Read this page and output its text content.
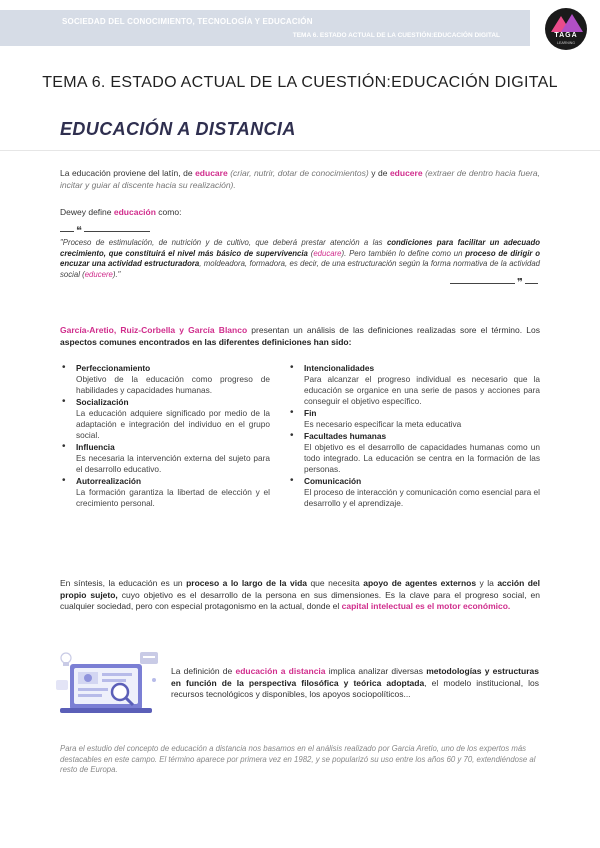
SOCIEDAD DEL CONOCIMIENTO, TECNOLOGÍA Y EDUCACIÓN
TEMA 6. ESTADO ACTUAL DE LA CUESTIÓN:EDUCACIÓN DIGITAL	TAGA
LEARNING
TEMA 6. ESTADO ACTUAL DE LA CUESTIÓN:EDUCACIÓN DIGITAL
EDUCACIÓN A DISTANCIA
La educación proviene del latín, de educare (criar, nutrir, dotar de conocimientos) y de educere (extraer de dentro hacia fuera, incitar y guiar al discente hacia su realización).
Dewey define educación como:
❝
"Proceso de estimulación, de nutrición y de cultivo, que deberá prestar atención a las condiciones para facilitar un adecuado crecimiento, que constituirá el nivel más básico de supervivencia (educare). Pero también lo define como un proceso de dirigir o encuzar una actividad estructuradora, moldeadora, formadora, es decir, de una estructuración según la forma normativa de la actividad social (educere)."
❞
García-Aretio, Ruiz-Corbella y García Blanco presentan un análisis de las definiciones realizadas sore el término. Los aspectos comunes encontrados en las diferentes definiciones han sido:
• Perfeccionamiento
Objetivo de la educación como progreso de habilidades y capacidades humanas.
• Socialización
La educación adquiere significado por medio de la adaptación e integración del individuo en el grupo social.
• Influencia
Es necesaria la intervención externa del sujeto para el desarrollo educativo.
• Autorrealización
La formación garantiza la libertad de elección y el crecimiento personal.
• Intencionalidades
Para alcanzar el progreso individual es necesario que la educación se organice en una serie de pasos y acciones para conseguir el objetivo específico.
• Fin
Es necesario especificar la meta educativa
• Facultades humanas
El objetivo es el desarrollo de capacidades humanas como un todo integrado. La educación se centra en la formación de las personas.
• Comunicación
El proceso de interacción y comunicación como esencial para el desarrollo y el aprendizaje.
En síntesis, la educación es un proceso a lo largo de la vida que necesita apoyo de agentes externos y la acción del propio sujeto, cuyo objetivo es el desarrollo de la persona en sus dimensiones. Es la clave para el progreso social, en cualquier sociedad, pero con especial protagonismo en la actual, donde el capital intelectual es el motor económico.
La definición de educación a distancia implica analizar diversas metodologías y estructuras en función de la perspectiva filosófica y teórica adoptada, el modelo institucional, los recursos tecnológicos y disponibles, los apoyos sociopolíticos...
Para el estudio del concepto de educación a distancia nos basamos en el análisis realizado por Garcia Aretio, uno de los expertos más destacables en este campo. El término aparece por primera vez en 1982, y se popularizó su uso entre los años 60 y 70, extendiéndose al resto de Europa.
